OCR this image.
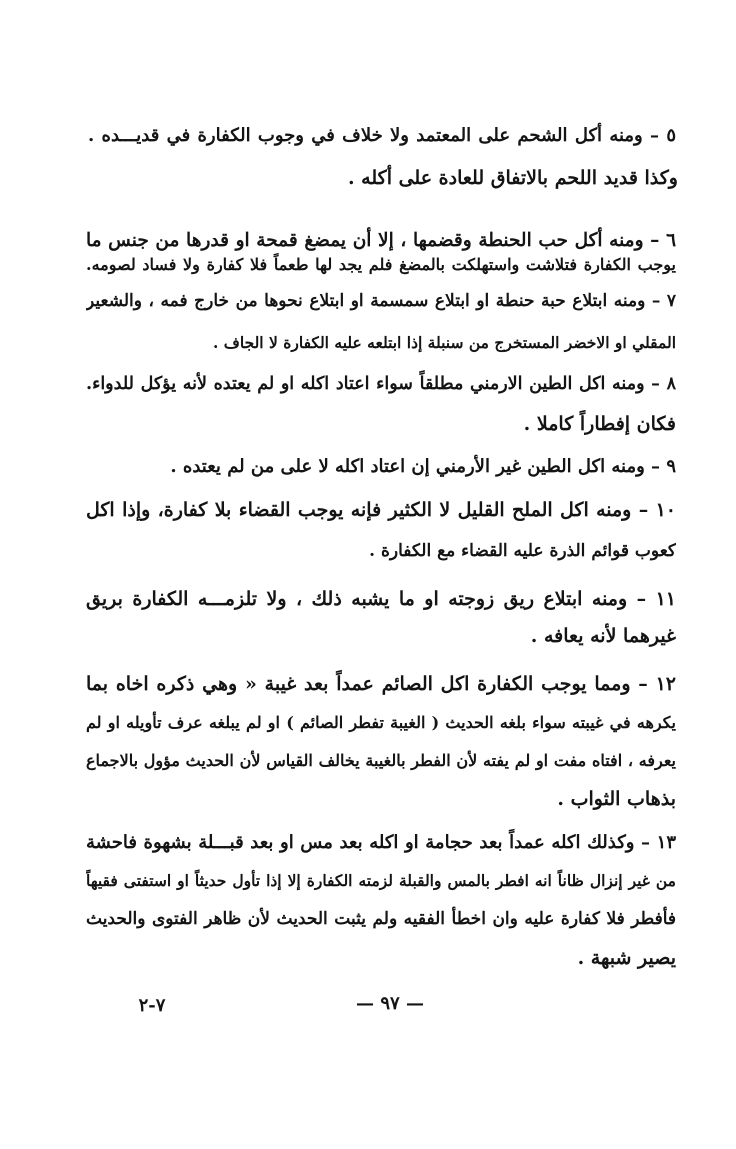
٥ – ومنه أكل الشحم على المعتمد ولا خلاف في وجوب الكفارة في قديـــده .
وكذا قديد اللحم بالاتفاق للعادة على أكله .
٦ – ومنه أكل حب الحنطة وقضمها ، إلا أن يمضغ قمحة او قدرها من جنس ما
يوجب الكفارة فتلاشت واستهلكت بالمضغ فلم يجد لها طعماً فلا كفارة ولا فساد لصومه.
٧ – ومنه ابتلاع حبة حنطة او ابتلاع سمسمة او ابتلاع نحوها من خارج فمه ، والشعير
المقلي او الاخضر المستخرج من سنبلة إذا ابتلعه عليه الكفارة لا الجاف .
٨ – ومنه اكل الطين الارمني مطلقاً سواء اعتاد اكله او لم يعتده لأنه يؤكل للدواء.
فكان إفطاراً كاملا .
٩ – ومنه اكل الطين غير الأرمني إن اعتاد اكله لا على من لم يعتده .
١٠ – ومنه اكل الملح القليل لا الكثير فإنه يوجب القضاء بلا كفارة، وإذا اكل
كعوب قوائم الذرة عليه القضاء مع الكفارة .
١١ – ومنه ابتلاع ريق زوجته او ما يشبه ذلك ، ولا تلزمـــه الكفارة بريق
غيرهما لأنه يعافه .
١٢ – ومما يوجب الكفارة اكل الصائم عمداً بعد غيبة « وهي ذكره اخاه بما
يكرهه في غيبته سواء بلغه الحديث ( الغيبة تفطر الصائم ) او لم يبلغه عرف تأويله او لم
يعرفه ، افتاه مفت او لم يفته لأن الفطر بالغيبة يخالف القياس لأن الحديث مؤول بالاجماع
بذهاب الثواب .
١٣ – وكذلك اكله عمداً بعد حجامة او اكله بعد مس او بعد قبـــلة بشهوة فاحشة
من غير إنزال ظاناً انه افطر بالمس والقبلة لزمته الكفارة إلا إذا تأول حديثاً او استفتى فقيهاً
فأفطر فلا كفارة عليه وان اخطأ الفقيه ولم يثبت الحديث لأن ظاهر الفتوى والحديث
يصير شبهة .
— ٩٧ —
٧-٢
